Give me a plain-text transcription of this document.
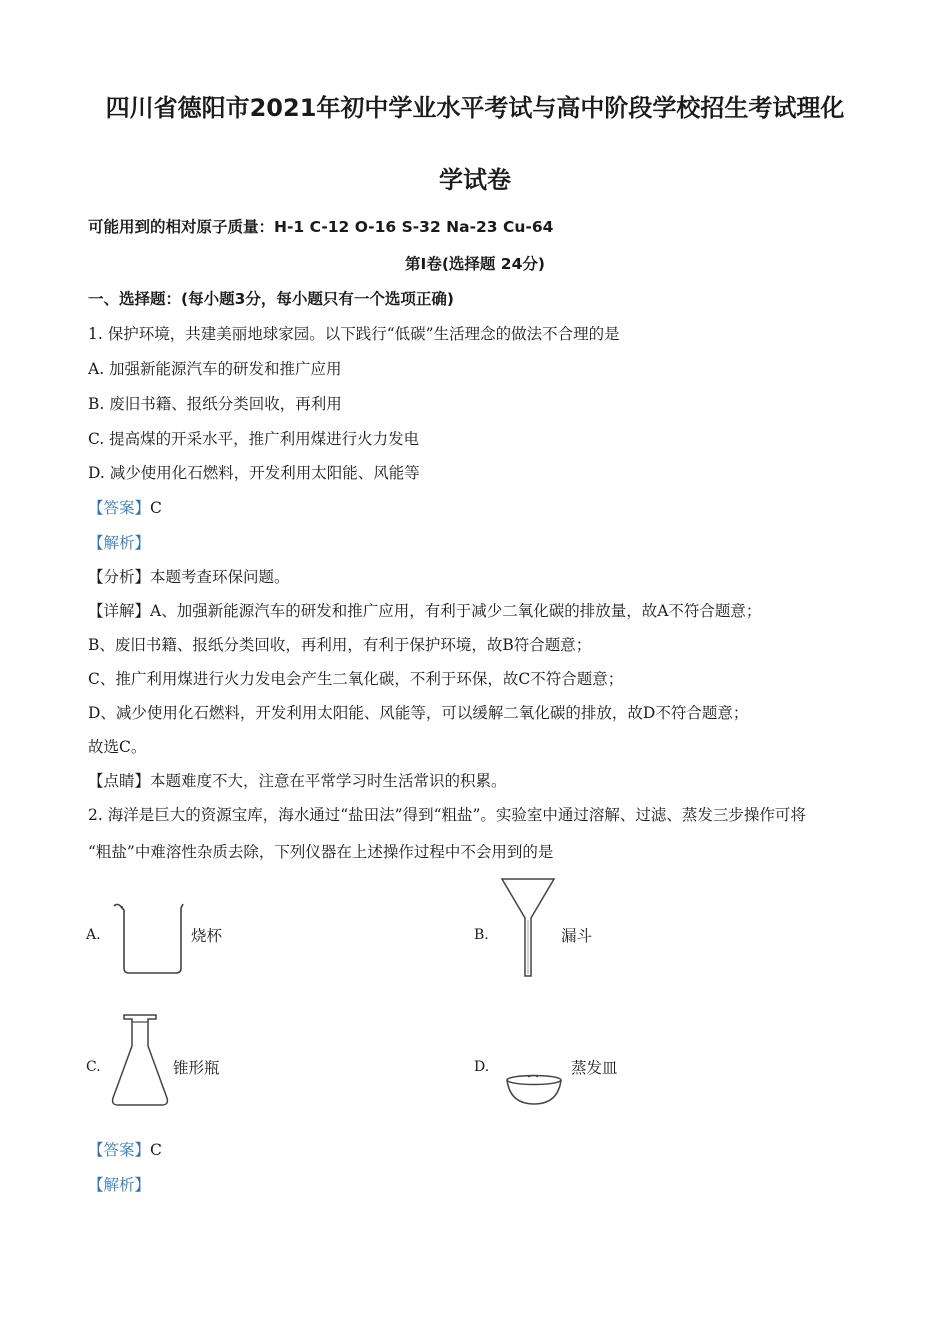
四川省德阳市2021年初中学业水平考试与高中阶段学校招生考试理化
学试卷
可能用到的相对原子质量：H-1 C-12 O-16 S-32 Na-23 Cu-64
第Ⅰ卷(选择题 24分)
一、选择题：(每小题3分，每小题只有一个选项正确)
1. 保护环境，共建美丽地球家园。以下践行“低碳”生活理念的做法不合理的是
A. 加强新能源汽车的研发和推广应用
B. 废旧书籍、报纸分类回收，再利用
C. 提高煤的开采水平，推广利用煤进行火力发电
D. 减少使用化石燃料，开发利用太阳能、风能等
【答案】C
【解析】
【分析】本题考查环保问题。
【详解】A、加强新能源汽车的研发和推广应用，有利于减少二氧化碳的排放量，故A不符合题意；
B、废旧书籍、报纸分类回收，再利用，有利于保护环境，故B符合题意；
C、推广利用煤进行火力发电会产生二氧化碳，不利于环保，故C不符合题意；
D、减少使用化石燃料，开发利用太阳能、风能等，可以缓解二氧化碳的排放，故D不符合题意；
故选C。
【点睛】本题难度不大，注意在平常学习时生活常识的积累。
2. 海洋是巨大的资源宝库，海水通过“盐田法”得到“粗盐”。实验室中通过溶解、过滤、蒸发三步操作可将
“粗盐”中难溶性杂质去除，下列仪器在上述操作过程中不会用到的是
A.	烧杯	B.	漏斗
C.	锥形瓶	D.	蒸发皿
【答案】C
【解析】
